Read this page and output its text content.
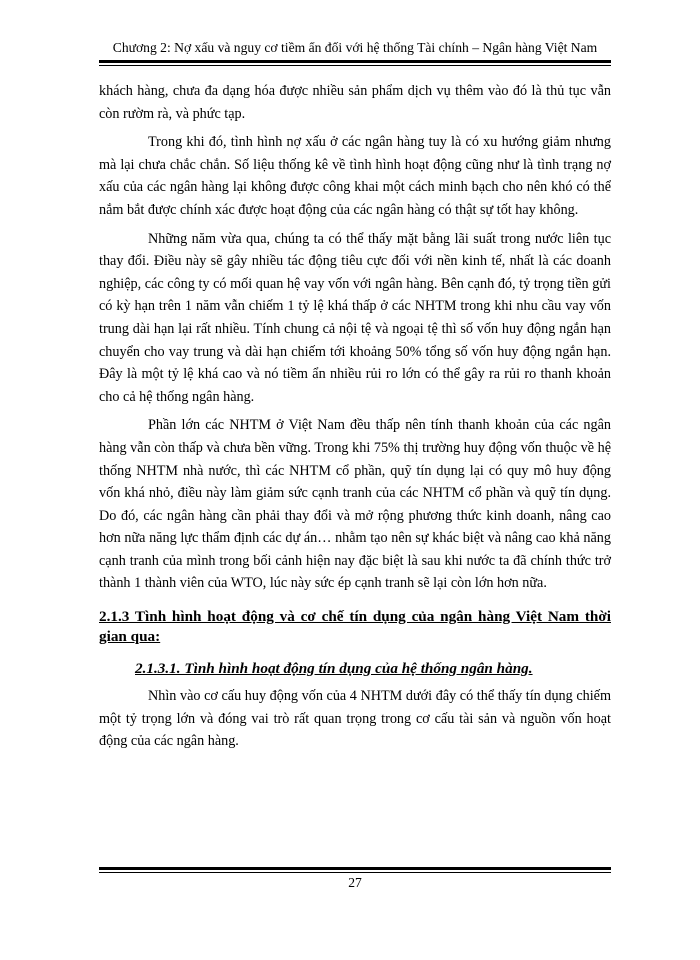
Chương 2: Nợ xấu và nguy cơ tiềm ẩn đối với hệ thống Tài chính – Ngân hàng Việt Nam

khách hàng, chưa đa dạng hóa được nhiều sản phẩm dịch vụ thêm vào đó là thủ tục vẫn còn rườm rà, và phức tạp.

Trong khi đó, tình hình nợ xấu ở các ngân hàng tuy là có xu hướng giảm nhưng mà lại chưa chắc chắn. Số liệu thống kê về tình hình hoạt động cũng như là tình trạng nợ xấu của các ngân hàng lại không được công khai một cách minh bạch cho nên khó có thể nắm bắt được chính xác được hoạt động của các ngân hàng có thật sự tốt hay không.

Những năm vừa qua, chúng ta có thể thấy mặt bằng lãi suất trong nước liên tục thay đổi. Điều này sẽ gây nhiều tác động tiêu cực đối với nền kinh tế, nhất là các doanh nghiệp, các công ty có mối quan hệ vay vốn với ngân hàng. Bên cạnh đó, tỷ trọng tiền gửi có kỳ hạn trên 1 năm vẫn chiếm 1 tỷ lệ khá thấp ở các NHTM trong khi nhu cầu vay vốn trung dài hạn lại rất nhiều. Tính chung cả nội tệ và ngoại tệ thì số vốn huy động ngắn hạn chuyển cho vay trung và dài hạn chiếm tới khoảng 50% tổng số vốn huy động ngắn hạn. Đây là một tỷ lệ khá cao và nó tiềm ẩn nhiều rủi ro lớn có thể gây ra rủi ro thanh khoản cho cả hệ thống ngân hàng.

Phần lớn các NHTM ở Việt Nam đều thấp nên tính thanh khoản của các ngân hàng vẫn còn thấp và chưa bền vững. Trong khi 75% thị trường huy động vốn thuộc về hệ thống NHTM nhà nước, thì các NHTM cổ phần, quỹ tín dụng lại có quy mô huy động vốn khá nhỏ, điều này làm giảm sức cạnh tranh của các NHTM cổ phần và quỹ tín dụng. Do đó, các ngân hàng cần phải thay đổi và mở rộng phương thức kinh doanh, nâng cao hơn nữa năng lực thẩm định các dự án… nhằm tạo nên sự khác biệt và nâng cao khả năng cạnh tranh của mình trong bối cảnh hiện nay đặc biệt là sau khi nước ta đã chính thức trở thành 1 thành viên của WTO, lúc này sức ép cạnh tranh sẽ lại còn lớn hơn nữa.

2.1.3 Tình hình hoạt động và cơ chế tín dụng của ngân hàng Việt Nam thời gian qua:
2.1.3.1. Tình hình hoạt động tín dụng của hệ thống ngân hàng.

Nhìn vào cơ cấu huy động vốn của 4 NHTM dưới đây có thể thấy tín dụng chiếm một tỷ trọng lớn và đóng vai trò rất quan trọng trong cơ cấu tài sản và nguồn vốn hoạt động của các ngân hàng.

27
